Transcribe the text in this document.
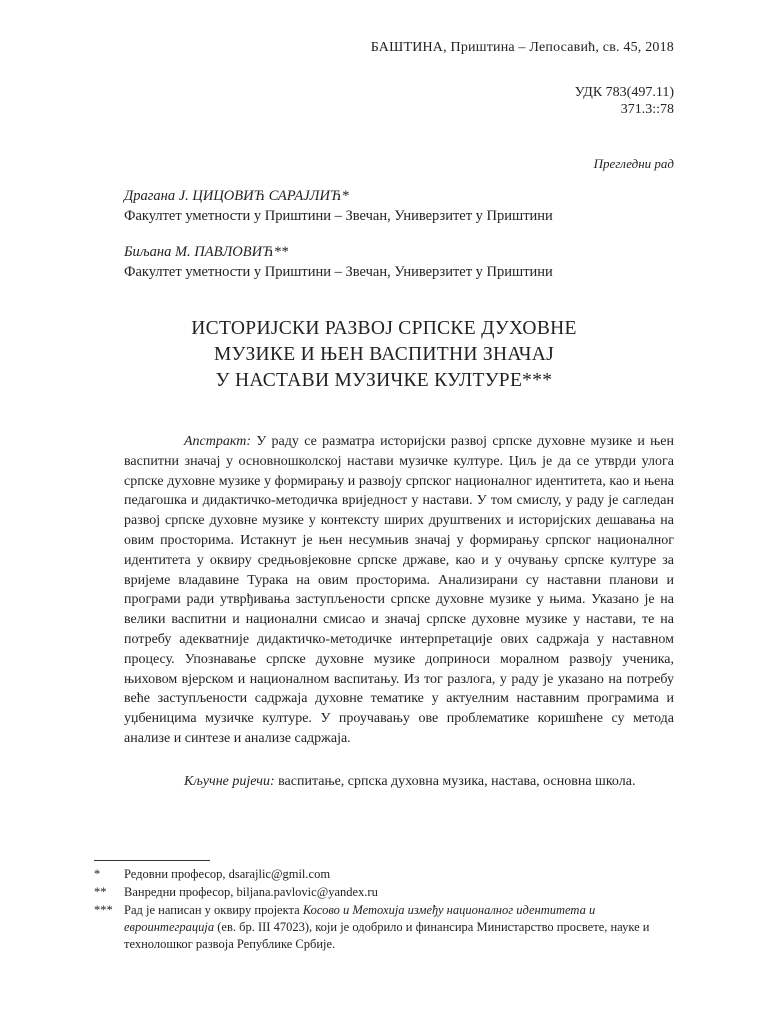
БАШТИНА, Приштина – Лепосавић, св. 45, 2018
УДК 783(497.11)
371.3::78
Прегледни рад
Драгана Ј. ЦИЦОВИЋ САРАЈЛИЋ*
Факултет уметности у Приштини – Звечан, Универзитет у Приштини
Биљана М. ПАВЛОВИЋ**
Факултет уметности у Приштини – Звечан, Универзитет у Приштини
ИСТОРИЈСКИ РАЗВОЈ СРПСКЕ ДУХОВНЕ
МУЗИКЕ И ЊЕН ВАСПИТНИ ЗНАЧАЈ
У НАСТАВИ МУЗИЧКЕ КУЛТУРЕ***

Апстракт: У раду се разматра историјски развој српске духовне музике и њен васпитни значај у основношколској настави музичке културе. Циљ је да се утврди улога српске духовне музике у формирању и развоју српског националног идентитета, као и њена педагошка и дидактичко-методичка вриједност у настави. У том смислу, у раду је сагледан развој српске духовне музике у контексту ширих друштвених и историјских дешавања на овим просторима. Истакнут је њен несумњив значај у формирању српског националног идентитета у оквиру средњовјековне српске државе, као и у очувању српске културе за вријеме владавине Турака на овим просторима. Анализирани су наставни планови и програми ради утврђивања заступљености српске духовне музике у њима. Указано је на велики васпитни и национални смисао и значај српске духовне музике у настави, те на потребу адекватније дидактичко-методичке интерпретације ових садржаја у наставном процесу. Упознавање српске духовне музике доприноси моралном развоју ученика, њиховом вјерском и националном васпитању. Из тог разлога, у раду је указано на потребу веће заступљености садржаја духовне тематике у актуелним наставним програмима и уџбеницима музичке културе. У проучавању ове проблематике коришћене су метода анализе и синтезе и анализе садржаја.

Кључне ријечи: васпитање, српска духовна музика, настава, основна школа.

* Редовни професор, dsarajlic@gmil.com
** Ванредни професор, biljana.pavlovic@yandex.ru
*** Рад је написан у оквиру пројекта Косово и Метохија између националног идентитета и евроинтеграција (ев. бр. III 47023), који је одобрило и финансира Министарство просвете, науке и технолошког развоја Републике Србије.
